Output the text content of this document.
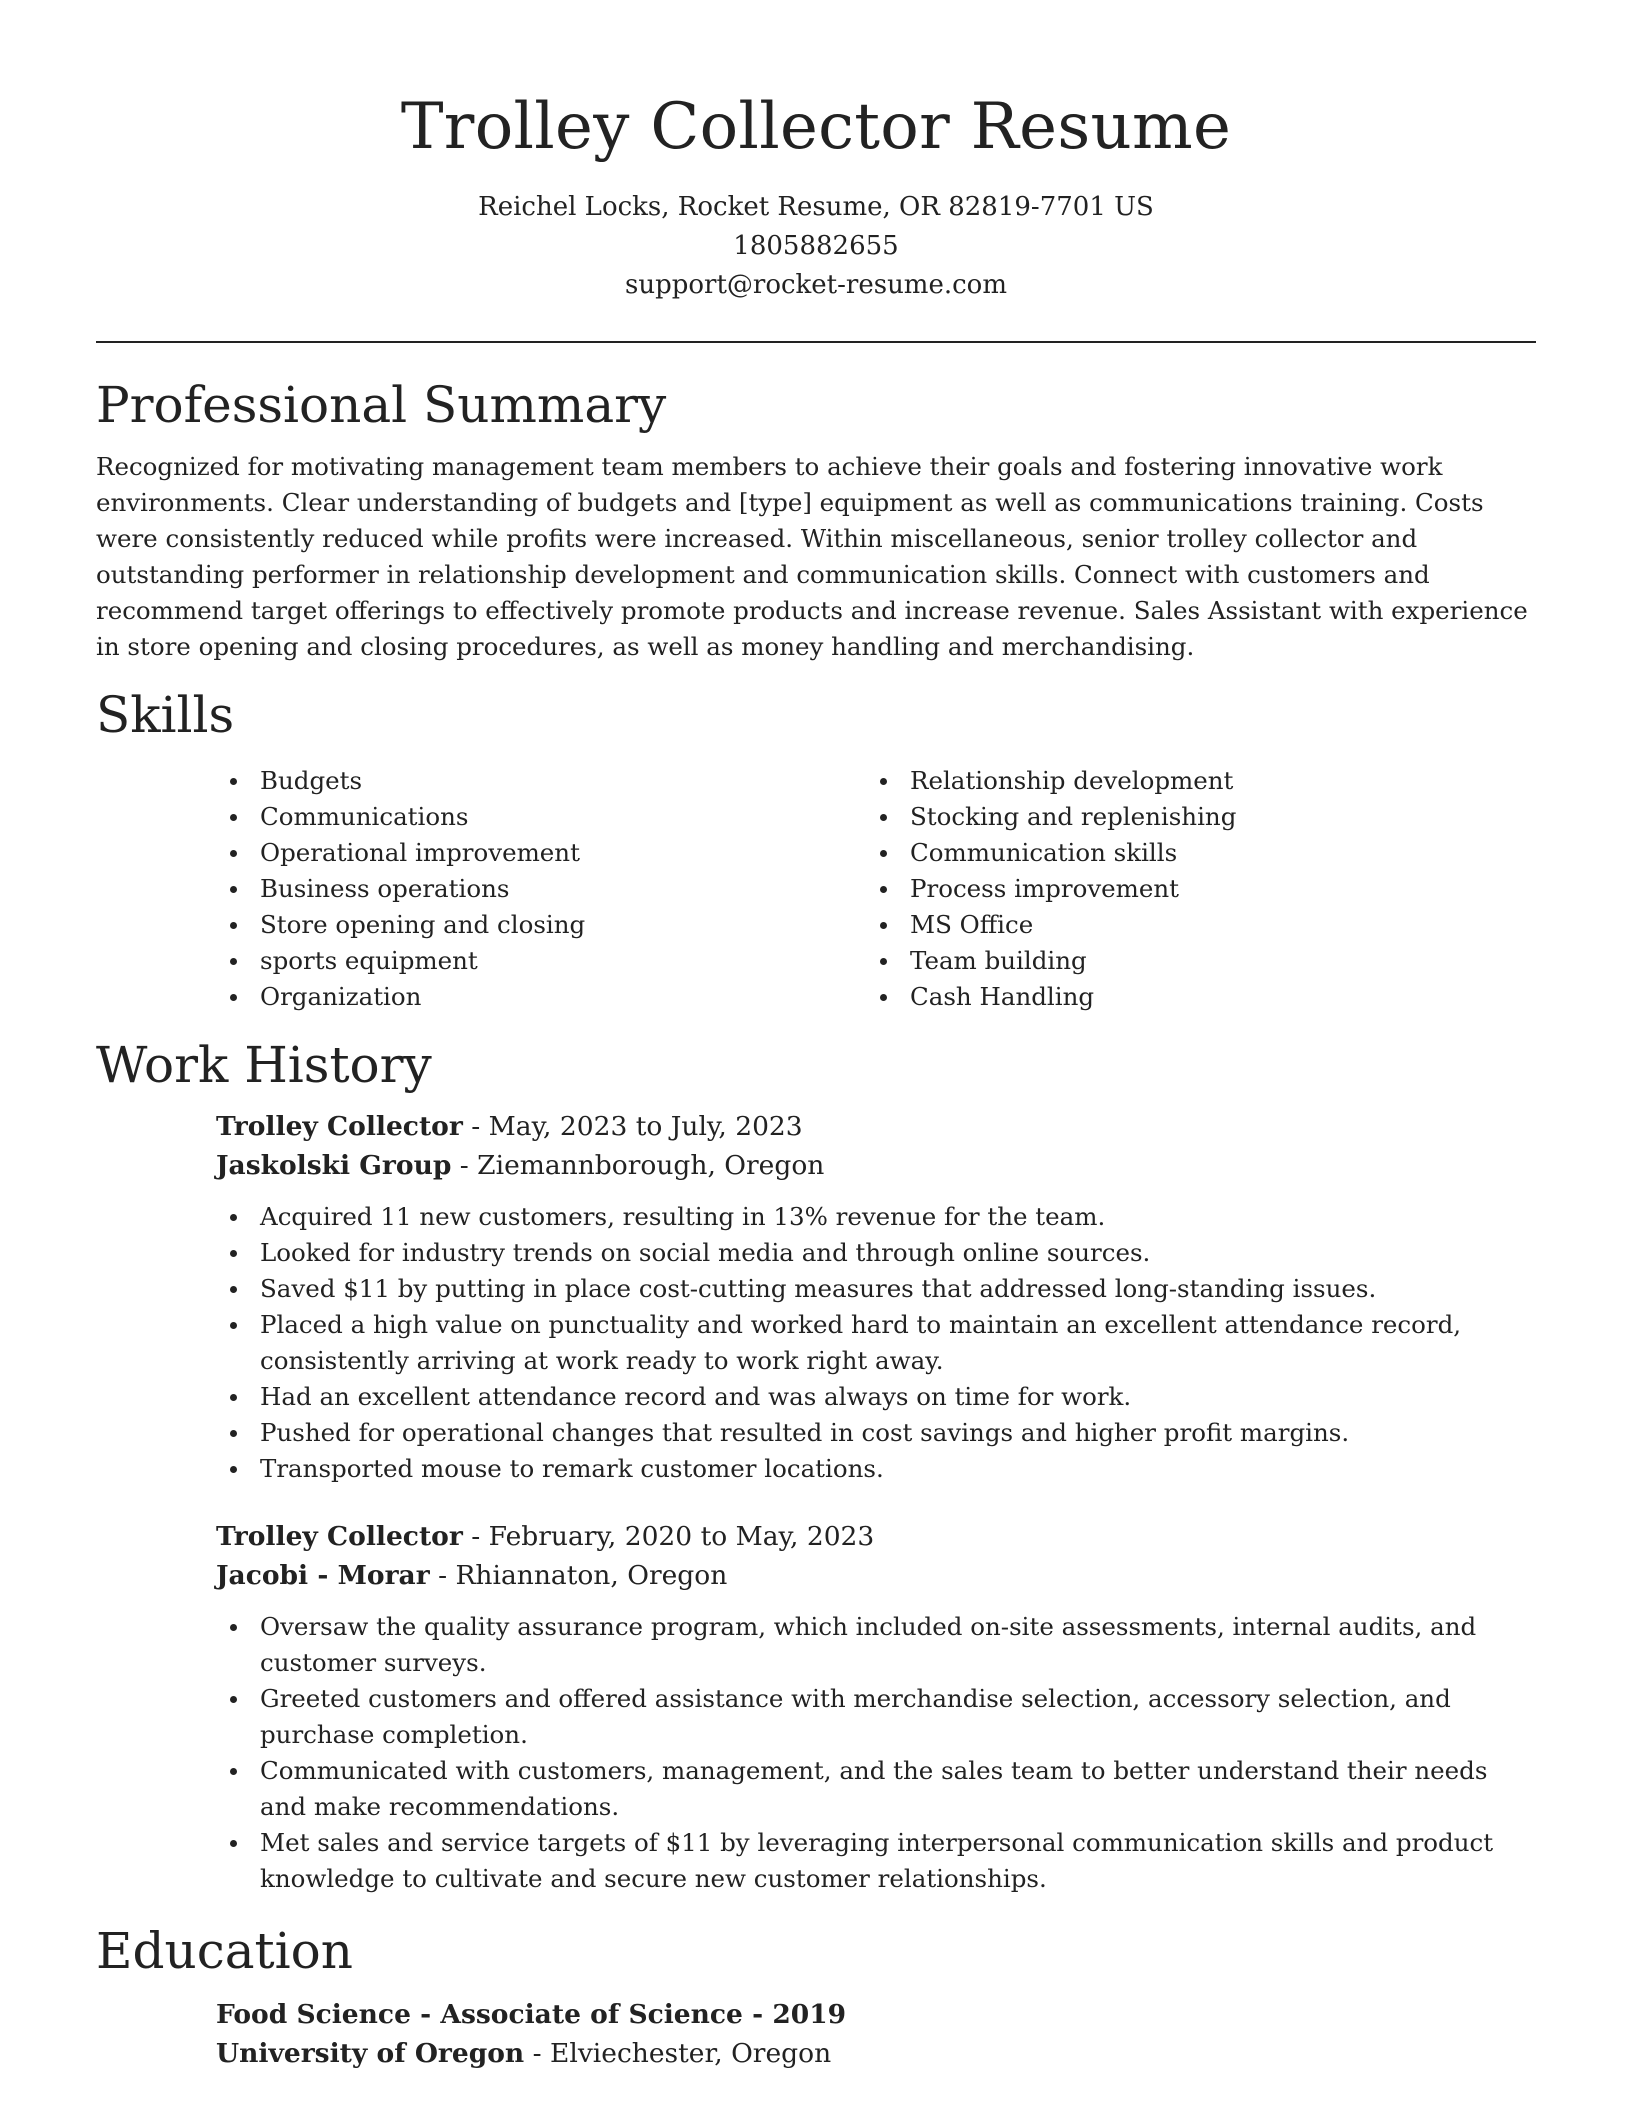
Trolley Collector Resume
Reichel Locks, Rocket Resume, OR 82819-7701 US
1805882655
support@rocket-resume.com
Professional Summary

Recognized for motivating management team members to achieve their goals and fostering innovative work environments. Clear understanding of budgets and [type] equipment as well as communications training. Costs were consistently reduced while profits were increased. Within miscellaneous, senior trolley collector and outstanding performer in relationship development and communication skills. Connect with customers and recommend target offerings to effectively promote products and increase revenue. Sales Assistant with experience in store opening and closing procedures, as well as money handling and merchandising.

Skills
Budgets
Communications
Operational improvement
Business operations
Store opening and closing
sports equipment
Organization
Relationship development
Stocking and replenishing
Communication skills
Process improvement
MS Office
Team building
Cash Handling
Work History
Trolley Collector - May, 2023 to July, 2023
Jaskolski Group - Ziemannborough, Oregon
Acquired 11 new customers, resulting in 13% revenue for the team.
Looked for industry trends on social media and through online sources.
Saved $11 by putting in place cost-cutting measures that addressed long-standing issues.
Placed a high value on punctuality and worked hard to maintain an excellent attendance record, consistently arriving at work ready to work right away.
Had an excellent attendance record and was always on time for work.
Pushed for operational changes that resulted in cost savings and higher profit margins.
Transported mouse to remark customer locations.
Trolley Collector - February, 2020 to May, 2023
Jacobi - Morar - Rhiannaton, Oregon
Oversaw the quality assurance program, which included on-site assessments, internal audits, and customer surveys.
Greeted customers and offered assistance with merchandise selection, accessory selection, and purchase completion.
Communicated with customers, management, and the sales team to better understand their needs and make recommendations.
Met sales and service targets of $11 by leveraging interpersonal communication skills and product knowledge to cultivate and secure new customer relationships.
Education
Food Science - Associate of Science - 2019
University of Oregon - Elviechester, Oregon
